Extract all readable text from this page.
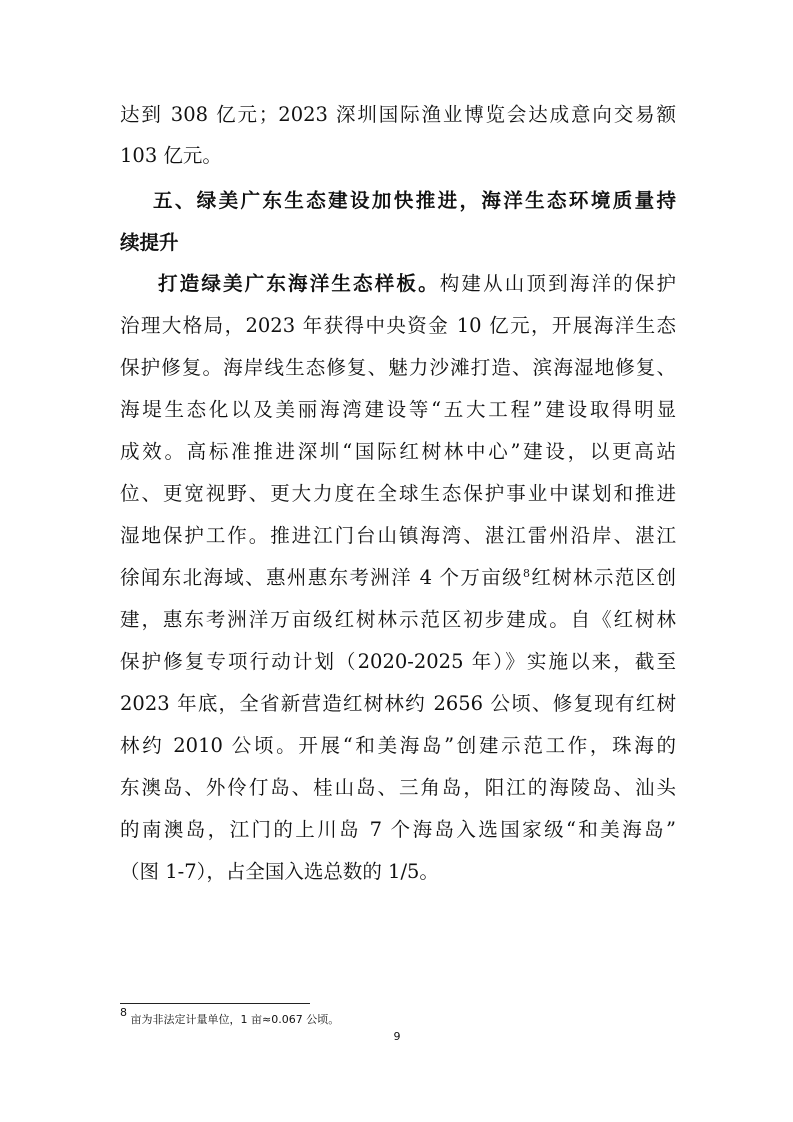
达到 308 亿元；2023 深圳国际渔业博览会达成意向交易额
103 亿元。
五、绿美广东生态建设加快推进，海洋生态环境质量持
续提升
打造绿美广东海洋生态样板。构建从山顶到海洋的保护
治理大格局，2023 年获得中央资金 10 亿元，开展海洋生态
保护修复。海岸线生态修复、魅力沙滩打造、滨海湿地修复、
海堤生态化以及美丽海湾建设等“五大工程”建设取得明显
成效。高标准推进深圳“国际红树林中心”建设，以更高站
位、更宽视野、更大力度在全球生态保护事业中谋划和推进
湿地保护工作。推进江门台山镇海湾、湛江雷州沿岸、湛江
徐闻东北海域、惠州惠东考洲洋 4 个万亩级$^8$红树林示范区创
建，惠东考洲洋万亩级红树林示范区初步建成。自《红树林
保护修复专项行动计划（2020-2025 年）》实施以来，截至
2023 年底，全省新营造红树林约 2656 公顷、修复现有红树
林约 2010 公顷。开展“和美海岛”创建示范工作，珠海的
东澳岛、外伶仃岛、桂山岛、三角岛，阳江的海陵岛、汕头
的南澳岛，江门的上川岛 7 个海岛入选国家级“和美海岛”
（图 1-7），占全国入选总数的 1/5。
$^8$ 亩为非法定计量单位，1 亩≈0.067 公顷。
9
